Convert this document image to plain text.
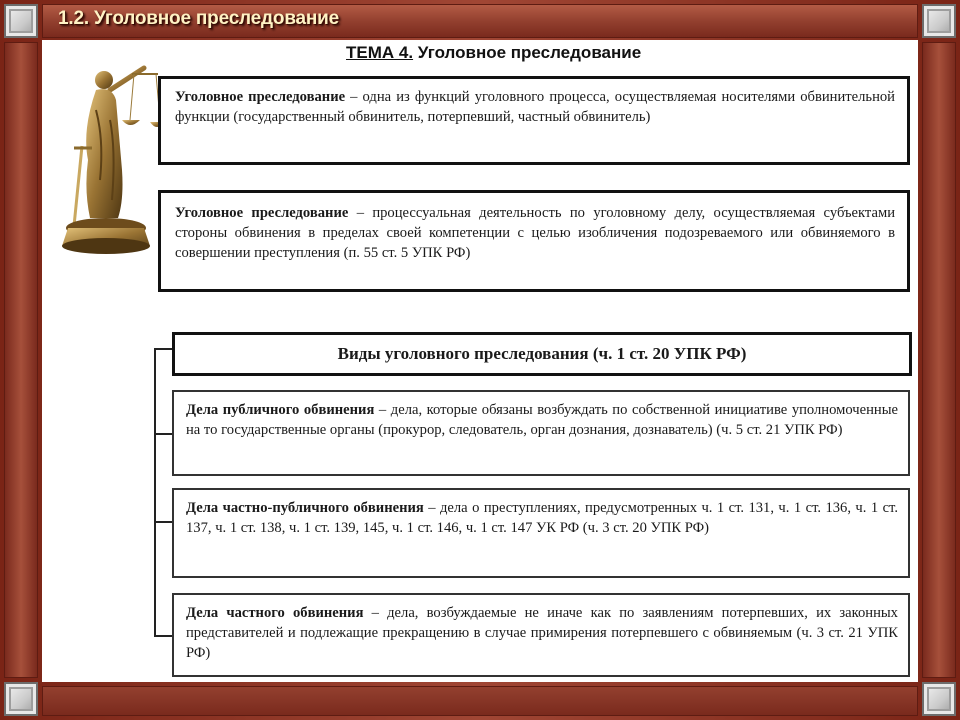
1.2. Уголовное преследование
ТЕМА 4. Уголовное преследование
Уголовное преследование – одна из функций уголовного процесса, осуществляемая носителями обвинительной функции (государственный обвинитель, потерпевший, частный обвинитель)
Уголовное преследование – процессуальная деятельность по уголовному делу, осуществляемая субъектами стороны обвинения в пределах своей компетенции с целью изобличения подозреваемого или обвиняемого в совершении преступления (п. 55 ст. 5 УПК РФ)
Виды уголовного преследования (ч. 1 ст. 20 УПК РФ)
Дела публичного обвинения – дела, которые обязаны возбуждать по собственной инициативе уполномоченные на то государственные органы (прокурор, следователь, орган дознания, дознаватель) (ч. 5 ст. 21 УПК РФ)
Дела частно-публичного обвинения – дела о преступлениях, предусмотренных ч. 1 ст. 131, ч. 1 ст. 136, ч. 1 ст. 137, ч. 1 ст. 138, ч. 1 ст. 139, 145, ч. 1 ст. 146, ч. 1 ст. 147 УК РФ (ч. 3 ст. 20 УПК РФ)
Дела частного обвинения – дела, возбуждаемые не иначе как по заявлениям потерпевших, их законных представителей и подлежащие прекращению в случае примирения потерпевшего с обвиняемым (ч. 3 ст. 21 УПК РФ)
